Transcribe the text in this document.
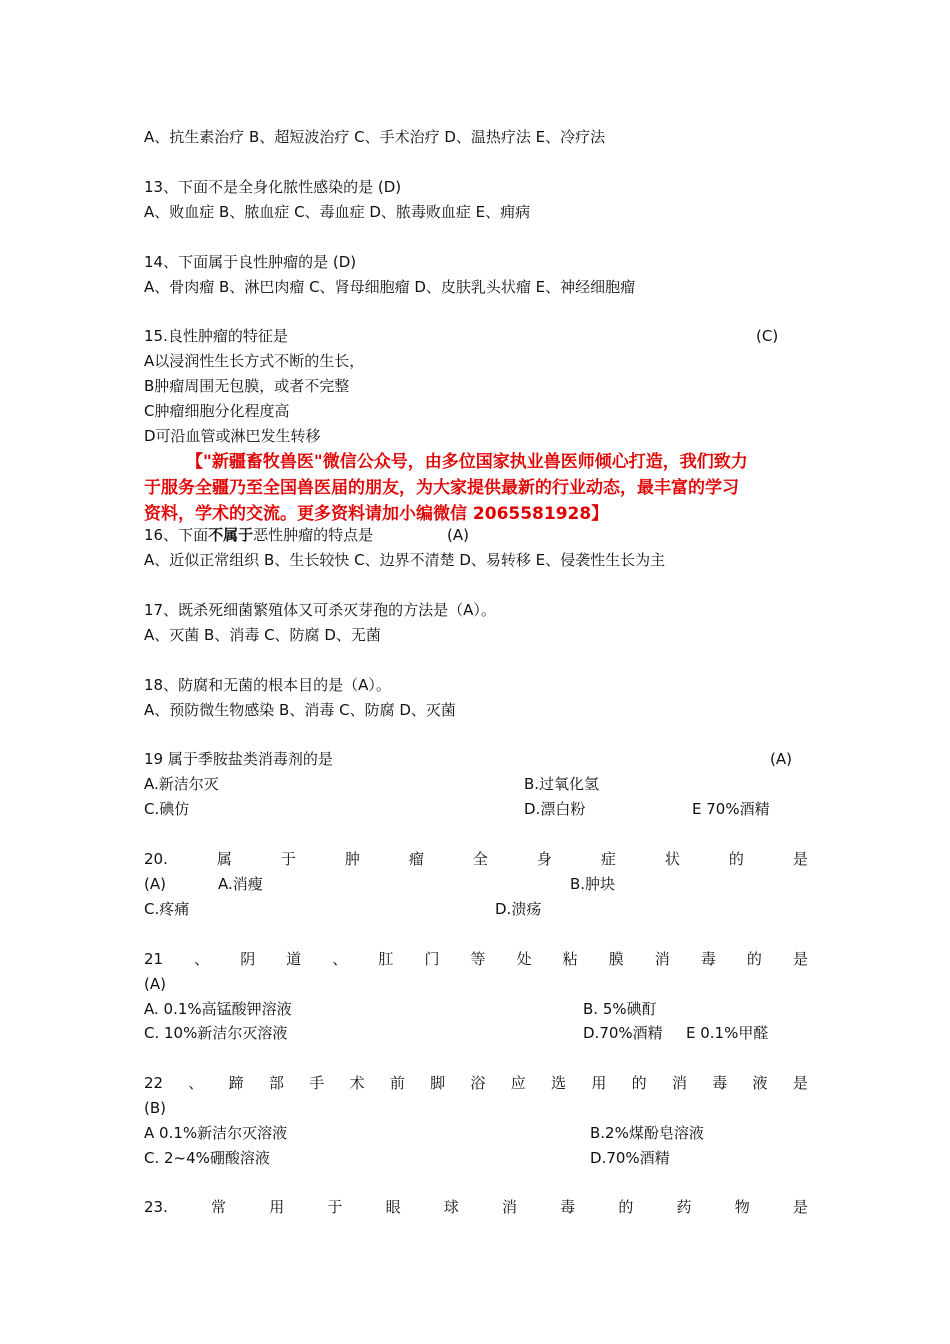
A、抗生素治疗 B、超短波治疗 C、手术治疗 D、温热疗法 E、冷疗法
13、下面不是全身化脓性感染的是 (D)
A、败血症 B、脓血症 C、毒血症 D、脓毒败血症 E、痈病
14、下面属于良性肿瘤的是 (D)
A、骨肉瘤 B、淋巴肉瘤 C、肾母细胞瘤 D、皮肤乳头状瘤 E、神经细胞瘤
15.良性肿瘤的特征是	(C)
A以浸润性生长方式不断的生长，
B肿瘤周围无包膜，或者不完整
C肿瘤细胞分化程度高
D可沿血管或淋巴发生转移
【"新疆畜牧兽医"微信公众号，由多位国家执业兽医师倾心打造，我们致力
于服务全疆乃至全国兽医届的朋友，为大家提供最新的行业动态，最丰富的学习
资料，学术的交流。更多资料请加小编微信 2065581928】
16、下面不属于恶性肿瘤的特点是	(A)
A、近似正常组织 B、生长较快 C、边界不清楚 D、易转移 E、侵袭性生长为主
17、既杀死细菌繁殖体又可杀灭芽孢的方法是（A）。
A、灭菌 B、消毒 C、防腐 D、无菌
18、防腐和无菌的根本目的是（A）。
A、预防微生物感染 B、消毒 C、防腐 D、灭菌
19 属于季胺盐类消毒剂的是	(A)
A.新洁尔灭	B.过氧化氢
C.碘仿	D.漂白粉	E 70%酒精
20.	属	于	肿	瘤	全	身	症	状	的	是
(A)	A.消瘦	B.肿块
C.疼痛	D.溃疡
21 、 阴 道 、 肛 门 等 处 粘 膜 消 毒 的 是
(A)
A. 0.1%高锰酸钾溶液	B. 5%碘酊
C. 10%新洁尔灭溶液	D.70%酒精 E 0.1%甲醛
22 、 蹄 部 手 术 前 脚 浴 应 选 用 的 消 毒 液 是
(B)
A 0.1%新洁尔灭溶液	B.2%煤酚皂溶液
C. 2~4%硼酸溶液	D.70%酒精
23.	常	用	于	眼	球	消	毒	的	药	物	是
